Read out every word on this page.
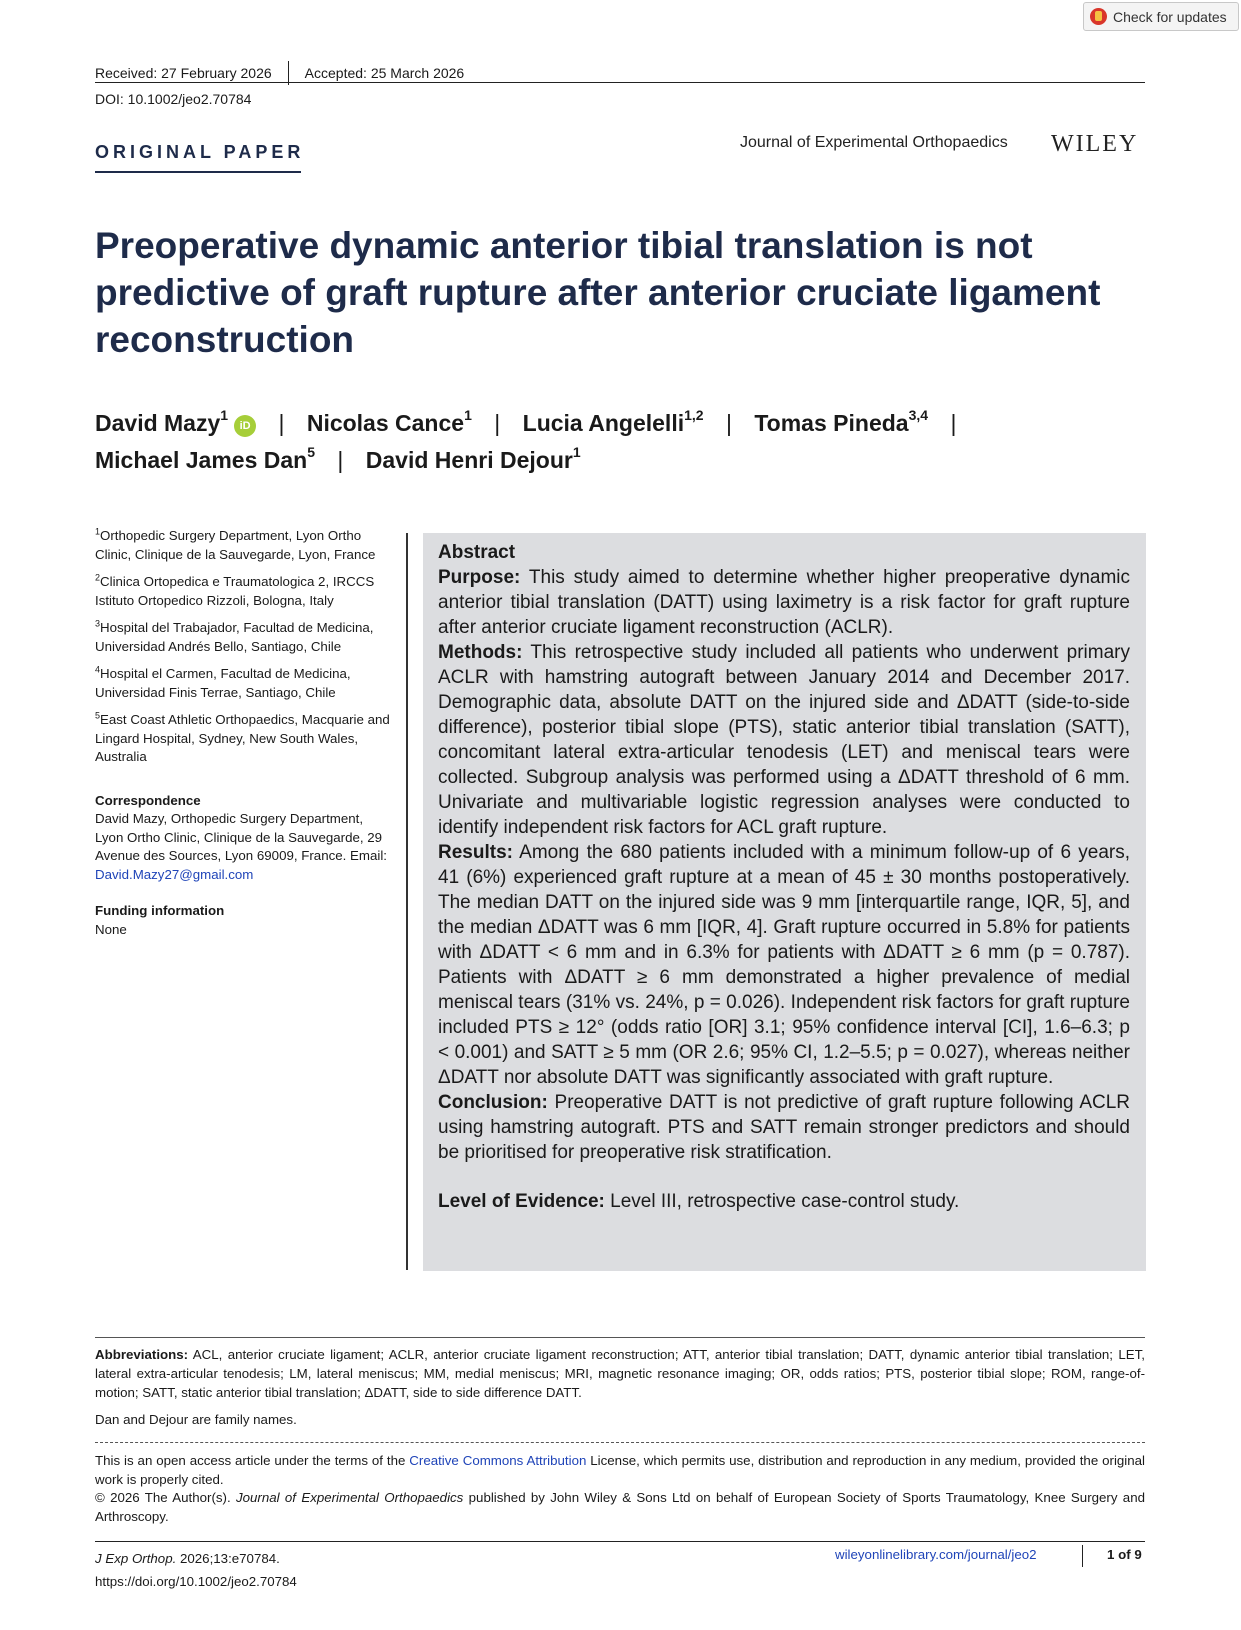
Check for updates
Received: 27 February 2026 Accepted: 25 March 2026
DOI: 10.1002/jeo2.70784
ORIGINAL PAPER	Journal of Experimental Orthopaedics WILEY
Preoperative dynamic anterior tibial translation is not predictive of graft rupture after anterior cruciate ligament reconstruction
David Mazy$^1$iD | Nicolas Cance$^1$ | Lucia Angelelli$^{1,2}$ | Tomas Pineda$^{3,4}$ |
Michael James Dan$^5$ | David Henri Dejour$^1$
$^1$Orthopedic Surgery Department, Lyon Ortho Clinic, Clinique de la Sauvegarde, Lyon, France
$^2$Clinica Ortopedica e Traumatologica 2, IRCCS Istituto Ortopedico Rizzoli, Bologna, Italy
$^3$Hospital del Trabajador, Facultad de Medicina, Universidad Andrés Bello, Santiago, Chile
$^4$Hospital el Carmen, Facultad de Medicina, Universidad Finis Terrae, Santiago, Chile
$^5$East Coast Athletic Orthopaedics, Macquarie and Lingard Hospital, Sydney, New South Wales, Australia
Correspondence
David Mazy, Orthopedic Surgery Department, Lyon Ortho Clinic, Clinique de la Sauvegarde, 29 Avenue des Sources, Lyon 69009, France. Email: David.Mazy27@gmail.com
Funding information
None

Abstract

Purpose: This study aimed to determine whether higher preoperative dynamic anterior tibial translation (DATT) using laximetry is a risk factor for graft rupture after anterior cruciate ligament reconstruction (ACLR).

Methods: This retrospective study included all patients who underwent primary ACLR with hamstring autograft between January 2014 and December 2017. Demographic data, absolute DATT on the injured side and ΔDATT (side-to-side difference), posterior tibial slope (PTS), static anterior tibial translation (SATT), concomitant lateral extra-articular tenodesis (LET) and meniscal tears were collected. Subgroup analysis was performed using a ΔDATT threshold of 6 mm. Univariate and multivariable logistic regression analyses were conducted to identify independent risk factors for ACL graft rupture.

Results: Among the 680 patients included with a minimum follow-up of 6 years, 41 (6%) experienced graft rupture at a mean of 45 ± 30 months postoperatively. The median DATT on the injured side was 9 mm [interquartile range, IQR, 5], and the median ΔDATT was 6 mm [IQR, 4]. Graft rupture occurred in 5.8% for patients with ΔDATT < 6 mm and in 6.3% for patients with ΔDATT ≥ 6 mm (p = 0.787). Patients with ΔDATT ≥ 6 mm demonstrated a higher prevalence of medial meniscal tears (31% vs. 24%, p = 0.026). Independent risk factors for graft rupture included PTS ≥ 12° (odds ratio [OR] 3.1; 95% confidence interval [CI], 1.6–6.3; p < 0.001) and SATT ≥ 5 mm (OR 2.6; 95% CI, 1.2–5.5; p = 0.027), whereas neither ΔDATT nor absolute DATT was significantly associated with graft rupture.

Conclusion: Preoperative DATT is not predictive of graft rupture following ACLR using hamstring autograft. PTS and SATT remain stronger predictors and should be prioritised for preoperative risk stratification.

Level of Evidence: Level III, retrospective case-control study.

Abbreviations: ACL, anterior cruciate ligament; ACLR, anterior cruciate ligament reconstruction; ATT, anterior tibial translation; DATT, dynamic anterior tibial translation; LET, lateral extra-articular tenodesis; LM, lateral meniscus; MM, medial meniscus; MRI, magnetic resonance imaging; OR, odds ratios; PTS, posterior tibial slope; ROM, range-of-motion; SATT, static anterior tibial translation; ΔDATT, side to side difference DATT.
Dan and Dejour are family names.
This is an open access article under the terms of the Creative Commons Attribution License, which permits use, distribution and reproduction in any medium, provided the original work is properly cited.
© 2026 The Author(s). Journal of Experimental Orthopaedics published by John Wiley & Sons Ltd on behalf of European Society of Sports Traumatology, Knee Surgery and Arthroscopy.
J Exp Orthop. 2026;13:e70784.
https://doi.org/10.1002/jeo2.70784
wileyonlinelibrary.com/journal/jeo2	1 of 9
